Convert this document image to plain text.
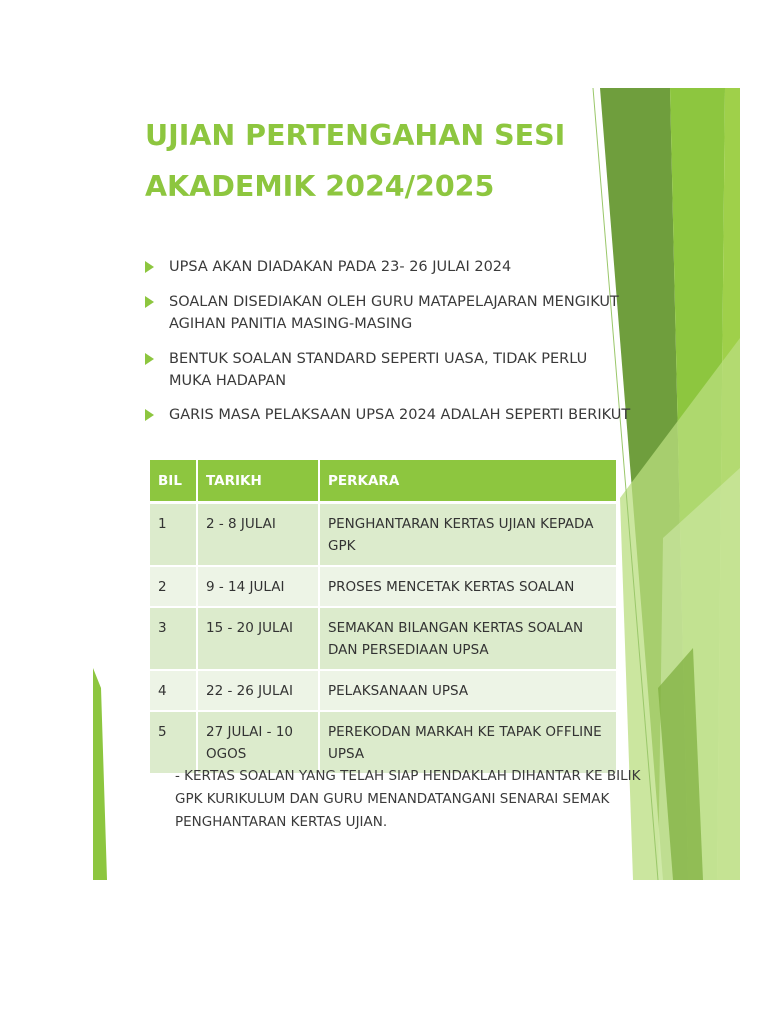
UJIAN PERTENGAHAN SESI
AKADEMIK 2024/2025
UPSA AKAN DIADAKAN PADA 23- 26 JULAI 2024
SOALAN DISEDIAKAN OLEH GURU MATAPELAJARAN MENGIKUT AGIHAN PANITIA MASING-MASING
BENTUK SOALAN STANDARD SEPERTI UASA, TIDAK PERLU MUKA HADAPAN
GARIS MASA PELAKSAAN UPSA 2024 ADALAH SEPERTI BERIKUT
BIL	TARIKH	PERKARA
1	2 - 8 JULAI	PENGHANTARAN KERTAS UJIAN KEPADA GPK
2	9 - 14 JULAI	PROSES MENCETAK KERTAS SOALAN
3	15 - 20 JULAI	SEMAKAN BILANGAN KERTAS SOALAN DAN PERSEDIAAN UPSA
4	22 - 26 JULAI	PELAKSANAAN UPSA
5	27 JULAI - 10 OGOS	PEREKODAN MARKAH KE TAPAK OFFLINE UPSA

- KERTAS SOALAN YANG TELAH SIAP HENDAKLAH DIHANTAR KE BILIK GPK KURIKULUM DAN GURU MENANDATANGANI SENARAI SEMAK PENGHANTARAN KERTAS UJIAN.
